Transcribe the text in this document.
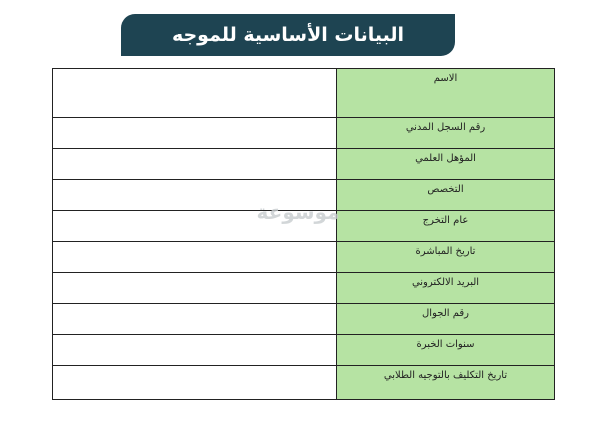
البيانات الأساسية للموجه
	الاسم
	رقم السجل المدني
	المؤهل العلمي
	التخصص
	عام التخرج
	تاريخ المباشرة
	البريد الالكتروني
	رقم الجوال
	سنوات الخبرة
	تاريخ التكليف بالتوجيه الطلابي
موسوعة
